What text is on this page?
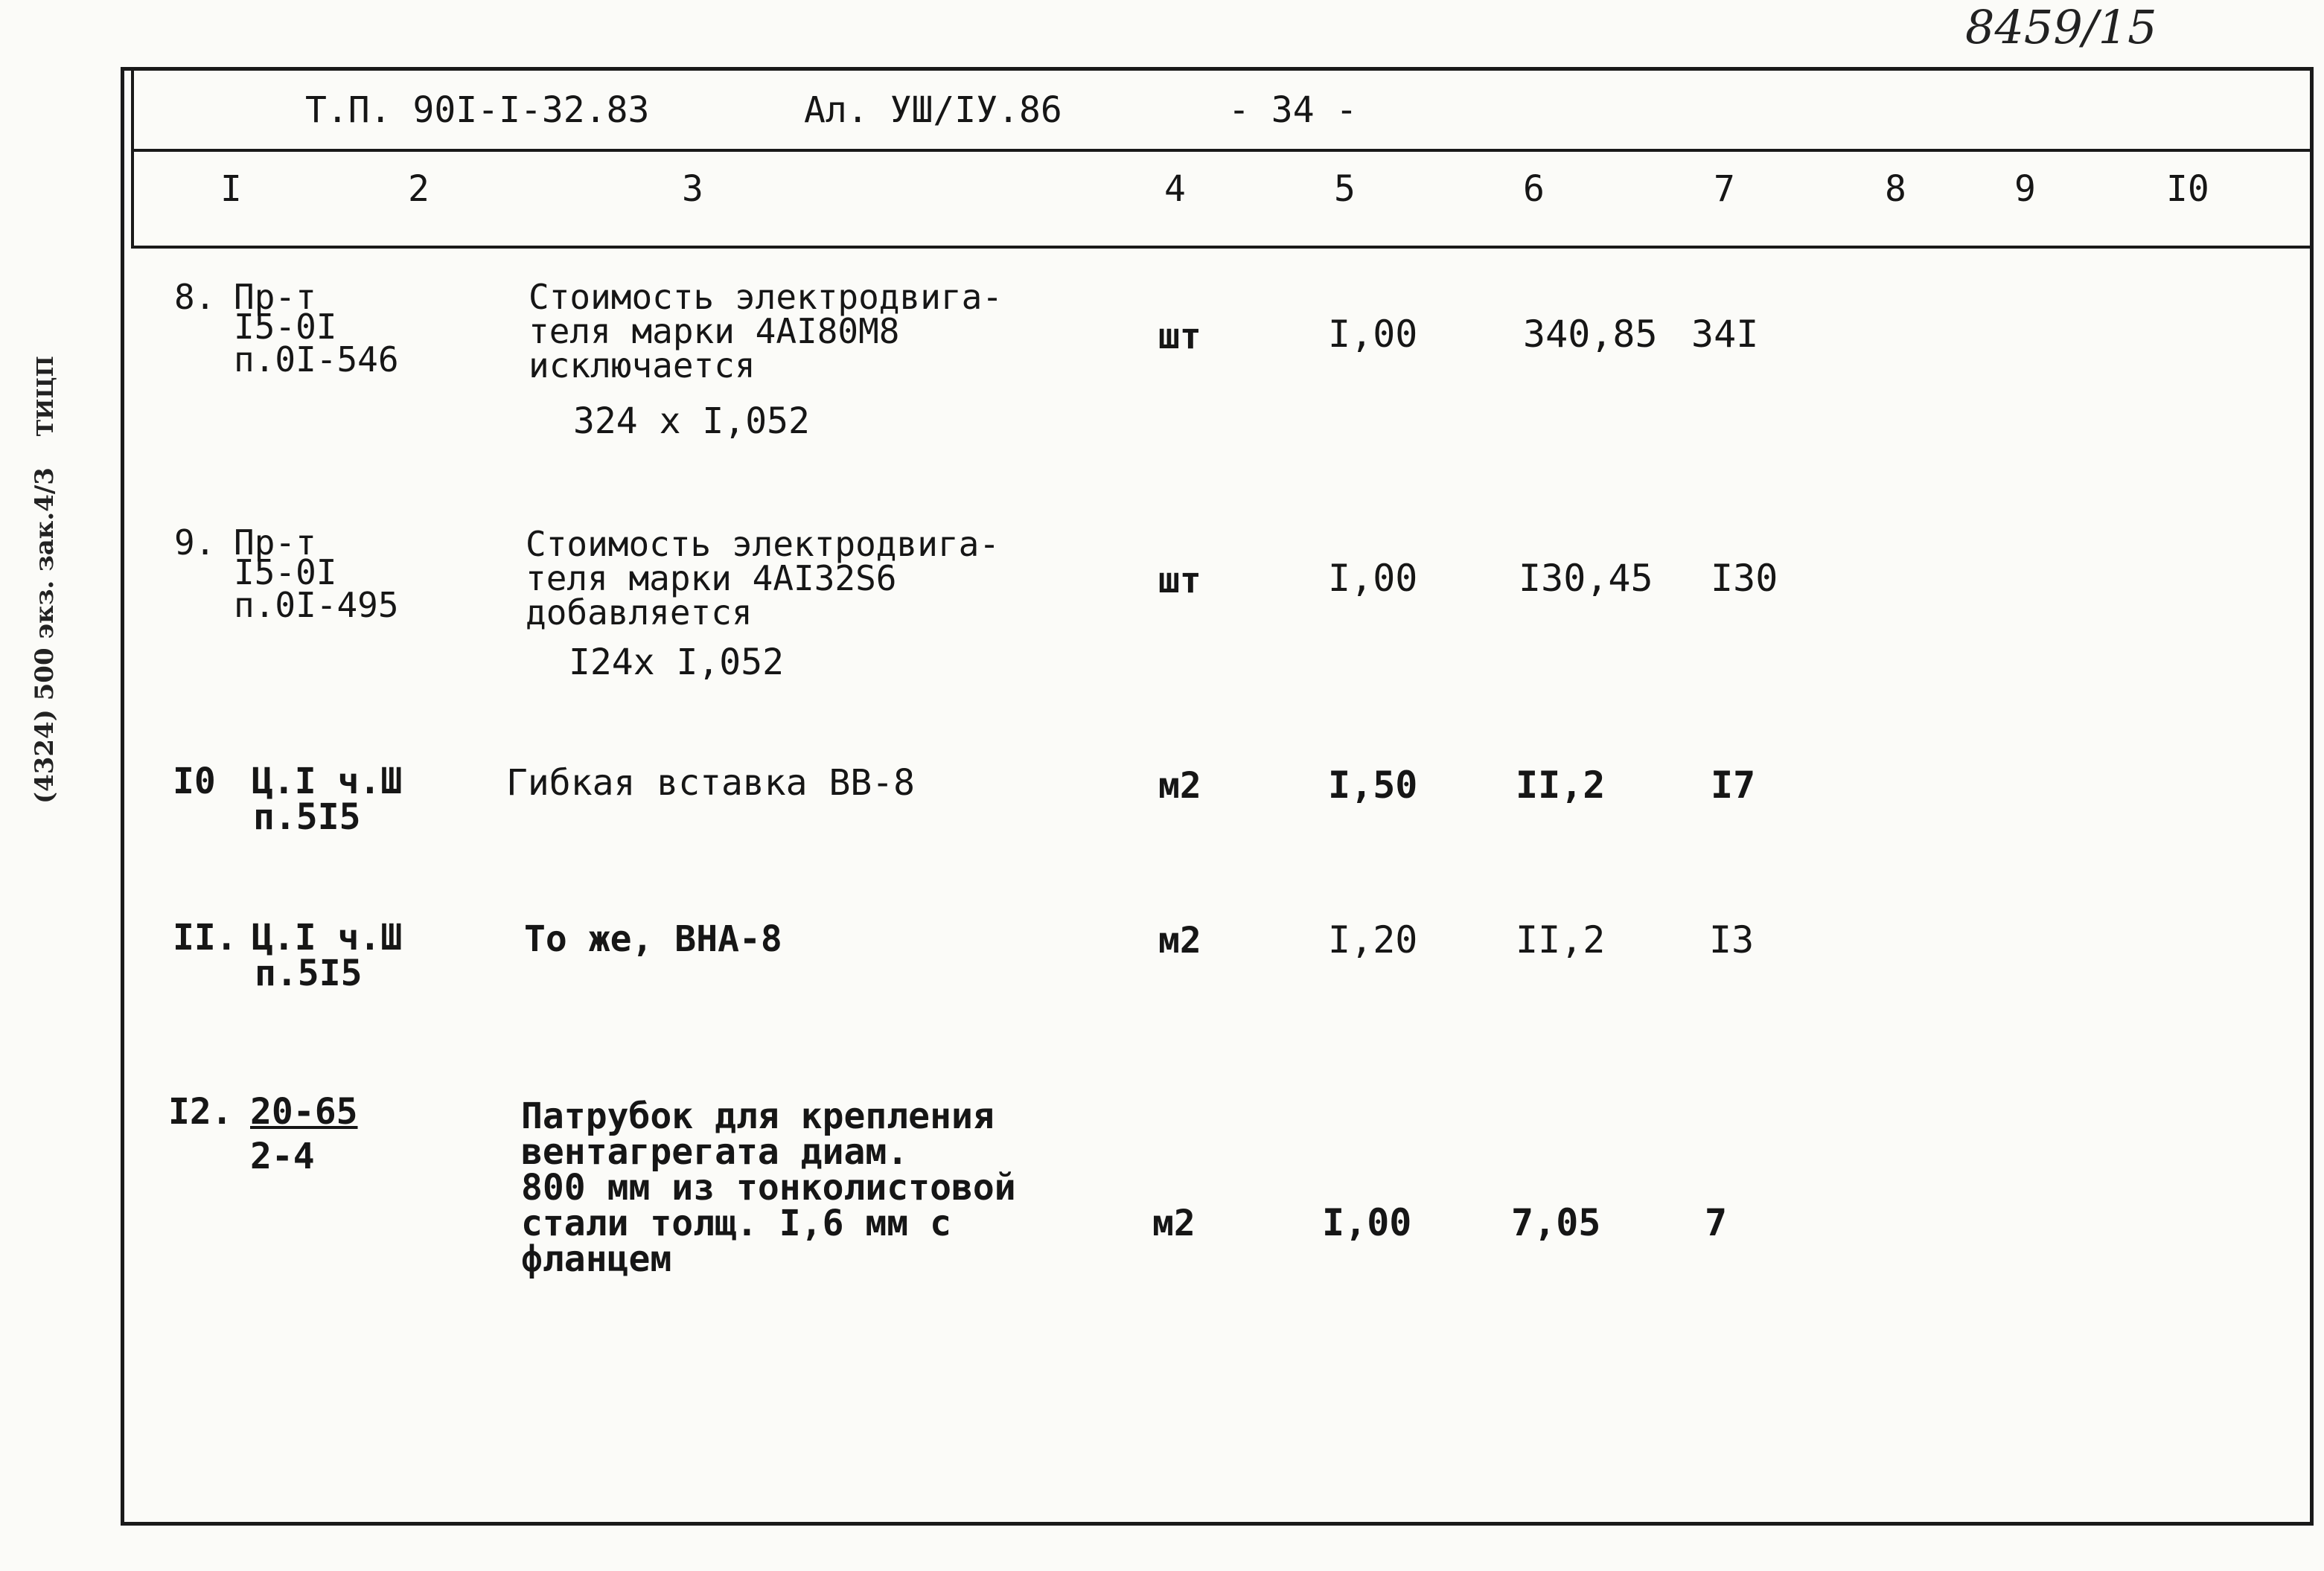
8459/15
(4324) 500 экз. зак.4/3 ТИЦП
Т.П. 90I-I-32.83	Ал. УШ/IУ.86	- 34 -
I	2	3	4	5	6	7	8	9	I0
8. Пр-т
I5-0I
п.0I-546
Стоимость электродвига-
теля марки 4АI80М8
исключается
324 х I,052
шт	I,00	340,85 34I
9. Пр-т
I5-0I
п.0I-495
Стоимость электродвига-
теля марки 4АI32S6
добавляется
I24х I,052
шт	I,00	I30,45 I30
I0 Ц.I ч.Ш
п.5I5
Гибкая вставка ВВ-8	м2	I,50	II,2	I7
II. Ц.I ч.Ш
п.5I5
То же, ВНА-8	м2	I,20	II,2	I3
I2. 20-65
2-4
Патрубок для крепления
вентагрегата диам.
800 мм из тонколистовой
стали толщ. I,6 мм с
фланцем
м2	I,00	7,05	7
